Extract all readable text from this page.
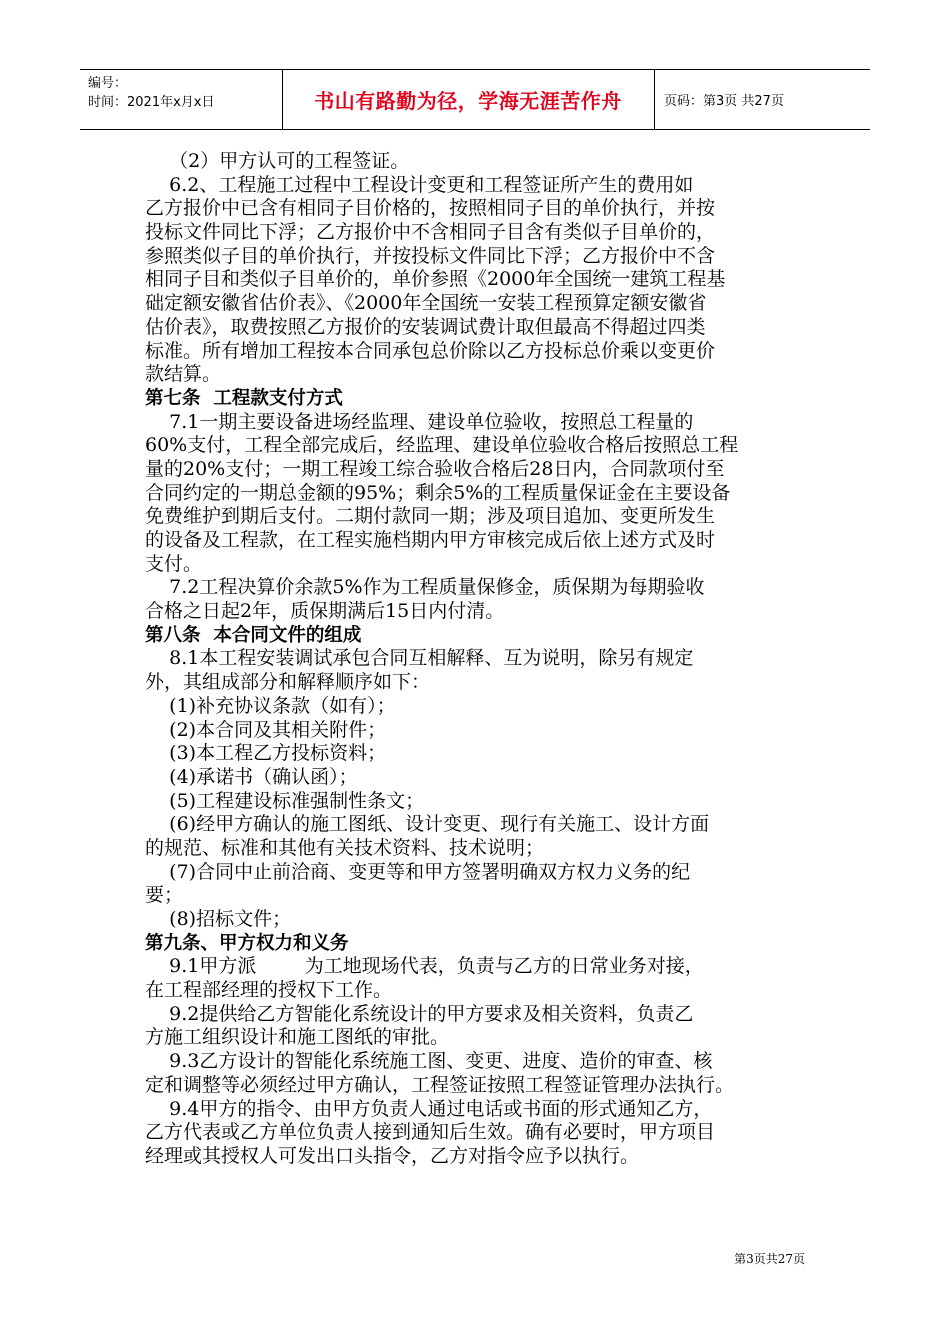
编号：
时间：2021年x月x日	书山有路勤为径，学海无涯苦作舟	页码：第3页 共27页
（2）甲方认可的工程签证。
6.2、工程施工过程中工程设计变更和工程签证所产生的费用如
乙方报价中已含有相同子目价格的，按照相同子目的单价执行，并按
投标文件同比下浮；乙方报价中不含相同子目含有类似子目单价的，
参照类似子目的单价执行，并按投标文件同比下浮；乙方报价中不含
相同子目和类似子目单价的，单价参照《2000年全国统一建筑工程基
础定额安徽省估价表》、《2000年全国统一安装工程预算定额安徽省
估价表》，取费按照乙方报价的安装调试费计取但最高不得超过四类
标准。所有增加工程按本合同承包总价除以乙方投标总价乘以变更价
款结算。
第七条  工程款支付方式
7.1一期主要设备进场经监理、建设单位验收，按照总工程量的
60%支付，工程全部完成后，经监理、建设单位验收合格后按照总工程
量的20%支付；一期工程竣工综合验收合格后28日内，合同款项付至
合同约定的一期总金额的95%；剩余5%的工程质量保证金在主要设备
免费维护到期后支付。二期付款同一期；涉及项目追加、变更所发生
的设备及工程款，在工程实施档期内甲方审核完成后依上述方式及时
支付。
7.2工程决算价余款5%作为工程质量保修金，质保期为每期验收
合格之日起2年，质保期满后15日内付清。
第八条  本合同文件的组成
8.1本工程安装调试承包合同互相解释、互为说明，除另有规定
外，其组成部分和解释顺序如下：
(1)补充协议条款（如有）；
(2)本合同及其相关附件；
(3)本工程乙方投标资料；
(4)承诺书（确认函）；
(5)工程建设标准强制性条文；
(6)经甲方确认的施工图纸、设计变更、现行有关施工、设计方面
的规范、标准和其他有关技术资料、技术说明；
(7)合同中止前洽商、变更等和甲方签署明确双方权力义务的纪
要；
(8)招标文件；
第九条、甲方权力和义务
9.1甲方派        为工地现场代表，负责与乙方的日常业务对接，
在工程部经理的授权下工作。
9.2提供给乙方智能化系统设计的甲方要求及相关资料，负责乙
方施工组织设计和施工图纸的审批。
9.3乙方设计的智能化系统施工图、变更、进度、造价的审查、核
定和调整等必须经过甲方确认，工程签证按照工程签证管理办法执行。
9.4甲方的指令、由甲方负责人通过电话或书面的形式通知乙方，
乙方代表或乙方单位负责人接到通知后生效。确有必要时，甲方项目
经理或其授权人可发出口头指令，乙方对指令应予以执行。
第3页共27页
